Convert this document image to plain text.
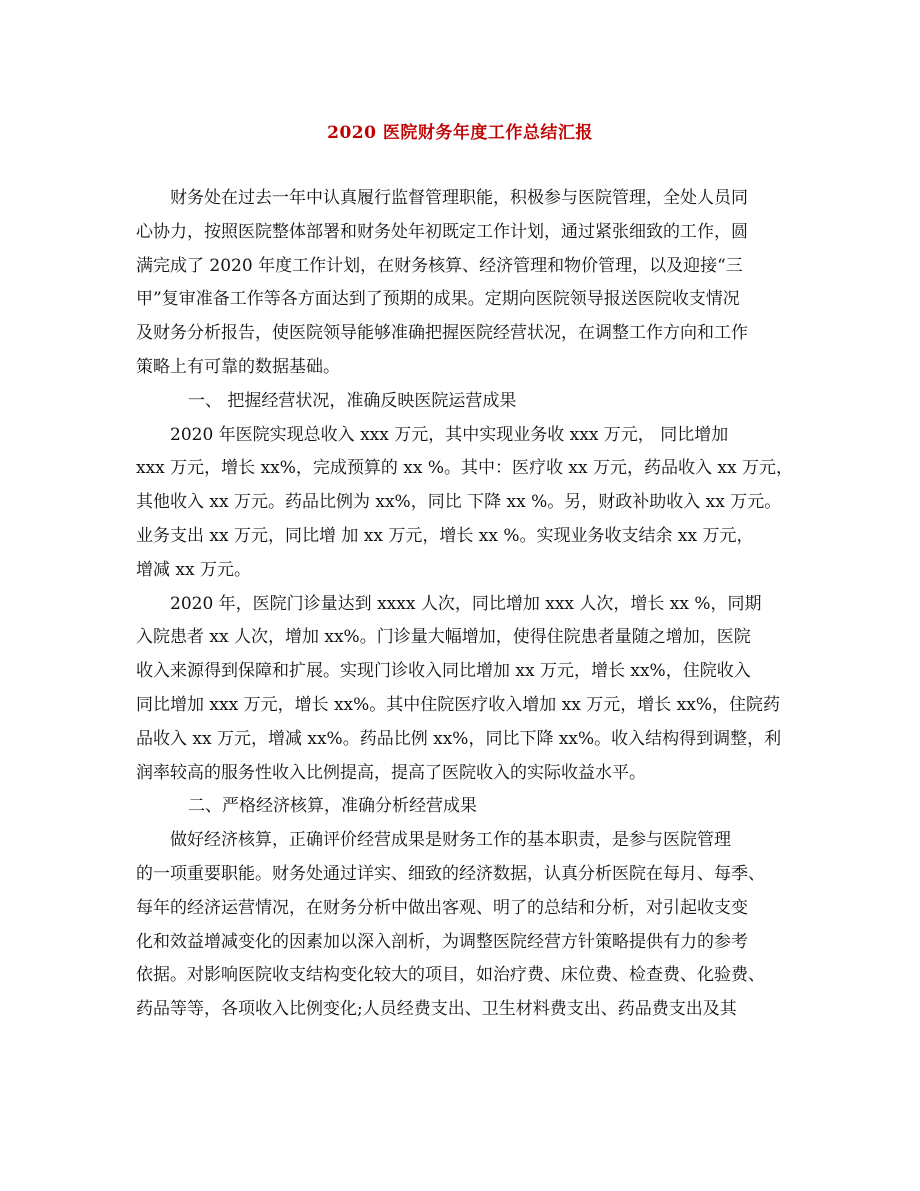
2020 医院财务年度工作总结汇报
财务处在过去一年中认真履行监督管理职能，积极参与医院管理，全处人员同
心协力，按照医院整体部署和财务处年初既定工作计划，通过紧张细致的工作，圆
满完成了 2020 年度工作计划，在财务核算、经济管理和物价管理，以及迎接“三
甲”复审准备工作等各方面达到了预期的成果。定期向医院领导报送医院收支情况
及财务分析报告，使医院领导能够准确把握医院经营状况，在调整工作方向和工作
策略上有可靠的数据基础。
一、 把握经营状况，准确反映医院运营成果
2020 年医院实现总收入 xxx 万元，其中实现业务收 xxx 万元， 同比增加
xxx 万元，增长 xx%，完成预算的 xx %。其中：医疗收 xx 万元，药品收入 xx 万元，
其他收入 xx 万元。药品比例为 xx%，同比 下降 xx %。另，财政补助收入 xx 万元。
业务支出 xx 万元，同比增 加 xx 万元，增长 xx %。实现业务收支结余 xx 万元，
增减 xx 万元。
2020 年，医院门诊量达到 xxxx 人次，同比增加 xxx 人次，增长 xx %，同期
入院患者 xx 人次，增加 xx%。门诊量大幅增加，使得住院患者量随之增加，医院
收入来源得到保障和扩展。实现门诊收入同比增加 xx 万元，增长 xx%，住院收入
同比增加 xxx 万元，增长 xx%。其中住院医疗收入增加 xx 万元，增长 xx%，住院药
品收入 xx 万元，增减 xx%。药品比例 xx%，同比下降 xx%。收入结构得到调整，利
润率较高的服务性收入比例提高，提高了医院收入的实际收益水平。
二、严格经济核算，准确分析经营成果
做好经济核算，正确评价经营成果是财务工作的基本职责，是参与医院管理
的一项重要职能。财务处通过详实、细致的经济数据，认真分析医院在每月、每季、
每年的经济运营情况，在财务分析中做出客观、明了的总结和分析，对引起收支变
化和效益增减变化的因素加以深入剖析，为调整医院经营方针策略提供有力的参考
依据。对影响医院收支结构变化较大的项目，如治疗费、床位费、检查费、化验费、
药品等等，各项收入比例变化;人员经费支出、卫生材料费支出、药品费支出及其
